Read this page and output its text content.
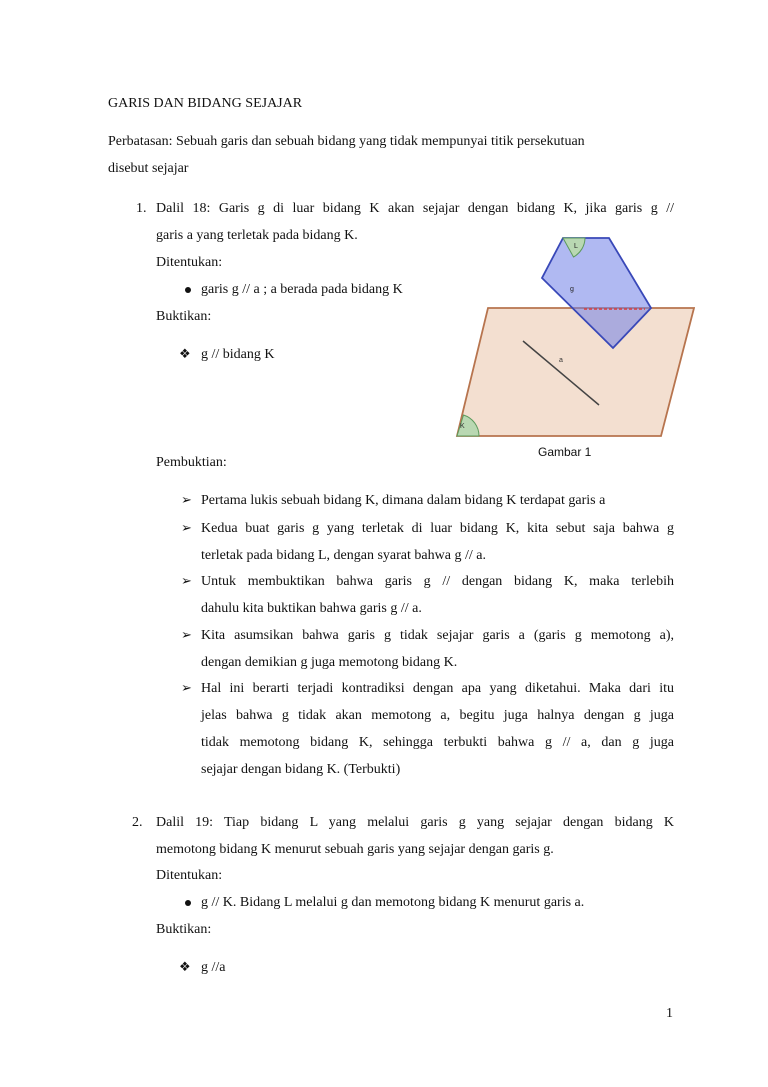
GARIS DAN BIDANG SEJAJAR
Perbatasan: Sebuah garis dan sebuah bidang yang tidak mempunyai titik persekutuan
disebut sejajar
1. Dalil 18: Garis g di luar bidang K akan sejajar dengan bidang K, jika garis g //
garis a yang terletak pada bidang K.
Ditentukan:
garis g // a ; a berada pada bidang K
Buktikan:
❖ g // bidang K
K
a
L
g
Gambar 1
Pembuktian:
➢ Pertama lukis sebuah bidang K, dimana dalam bidang K terdapat garis a
➢ Kedua buat garis g yang terletak di luar bidang K, kita sebut saja bahwa g
terletak pada bidang L, dengan syarat bahwa g // a.
➢ Untuk membuktikan bahwa garis g // dengan bidang K, maka terlebih
dahulu kita buktikan bahwa garis g // a.
➢ Kita asumsikan bahwa garis g tidak sejajar garis a (garis g memotong a),
dengan demikian g juga memotong bidang K.
➢ Hal ini berarti terjadi kontradiksi dengan apa yang diketahui. Maka dari itu
jelas bahwa g tidak akan memotong a, begitu juga halnya dengan g juga
tidak memotong bidang K, sehingga terbukti bahwa g // a, dan g juga
sejajar dengan bidang K. (Terbukti)
2. Dalil 19: Tiap bidang L yang melalui garis g yang sejajar dengan bidang K
memotong bidang K menurut sebuah garis yang sejajar dengan garis g.
Ditentukan:
g // K. Bidang L melalui g dan memotong bidang K menurut garis a.
Buktikan:
❖ g //a
1
